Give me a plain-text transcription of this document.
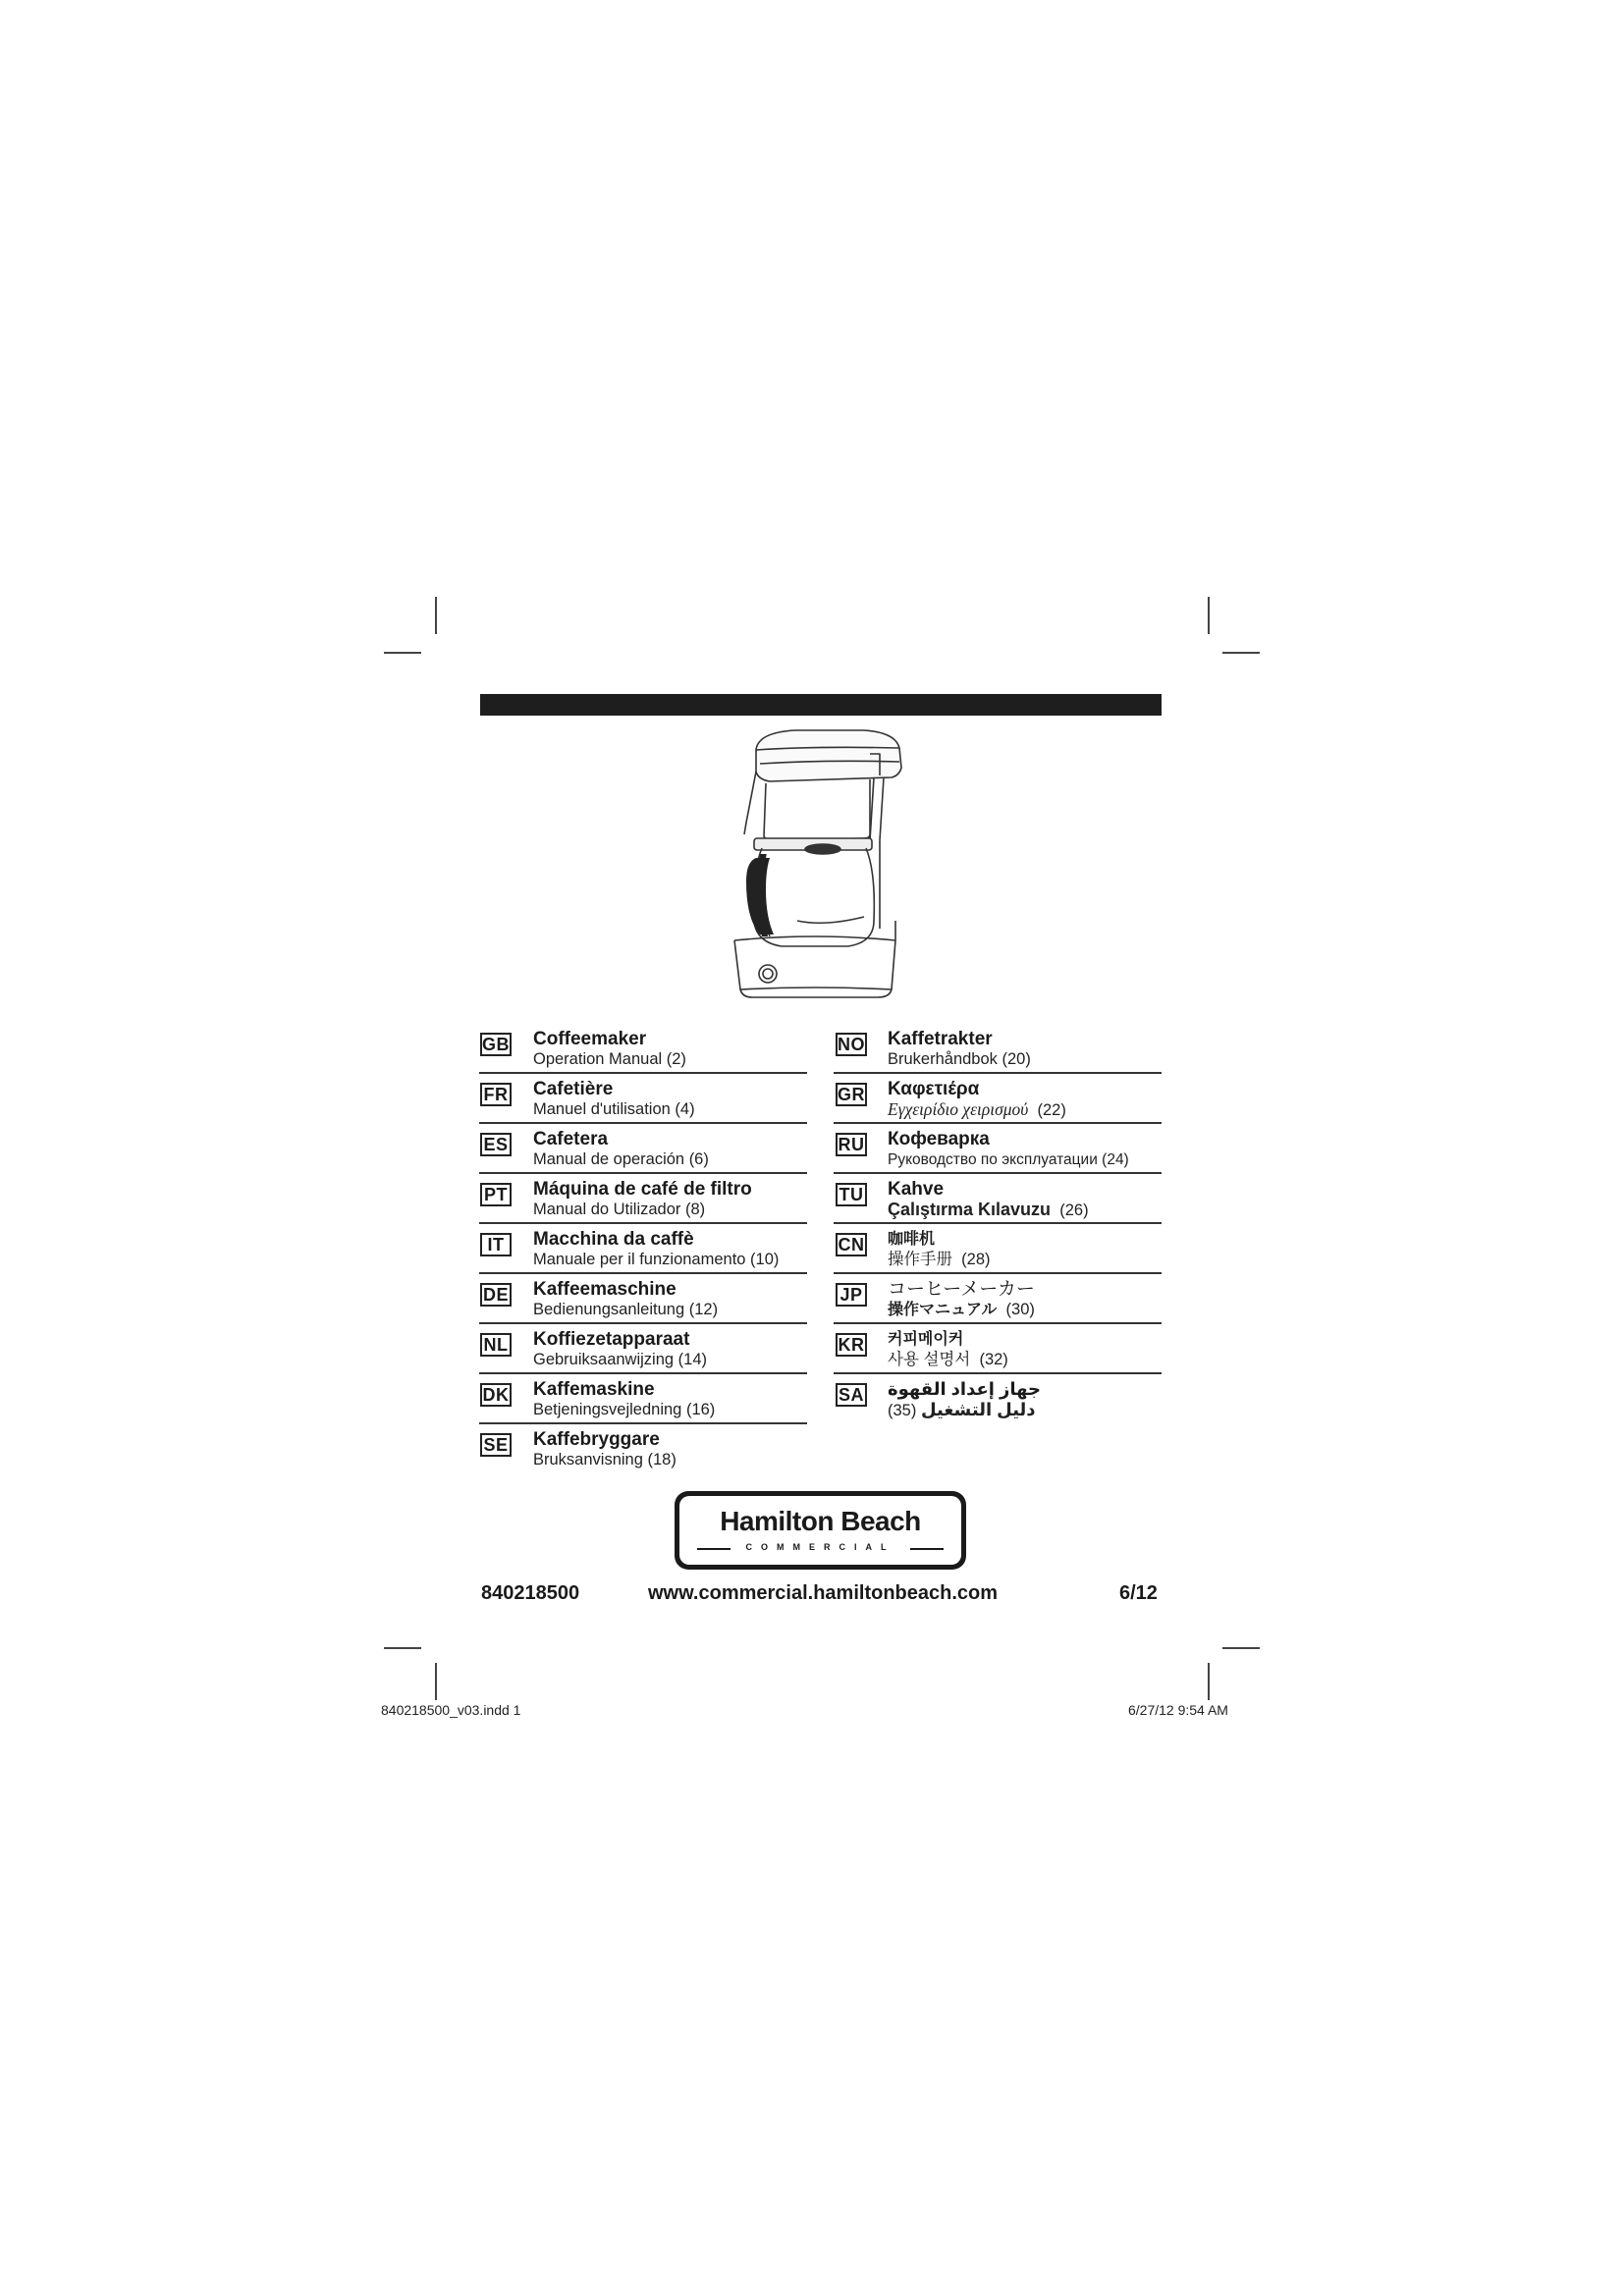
GB Coffeemaker
Operation Manual (2)
FR Cafetière
Manuel d'utilisation (4)
ES Cafetera
Manual de operación (6)
PT Máquina de café de filtro
Manual do Utilizador (8)
IT	Macchina da caffè
Manuale per il funzionamento (10)
DE Kaffeemaschine
Bedienungsanleitung (12)
NL Koffiezetapparaat
Gebruiksaanwijzing (14)
DK Kaffemaskine
Betjeningsvejledning (16)
SE Kaffebryggare
Bruksanvisning (18)
NO Kaffetrakter
Brukerhåndbok (20)
GR Καφετιέρα
Εγχειρίδιο χειρισμού (22)
RU Кофеварка
Руководство по эксплуатации (24)
TU Kahve
Çalıştırma Kılavuzu (26)
CN 咖啡机
操作手册 (28)
JP コーヒーメーカー
操作マニュアル (30)
KR 커피메이커
사용 설명서 (32)
SA جهاز إعداد القهوة
دليل التشغيل (35)
Hamilton Beach
COMMERCIAL
840218500	www.commercial.hamiltonbeach.com	6/12
840218500_v03.indd 1	6/27/12 9:54 AM
